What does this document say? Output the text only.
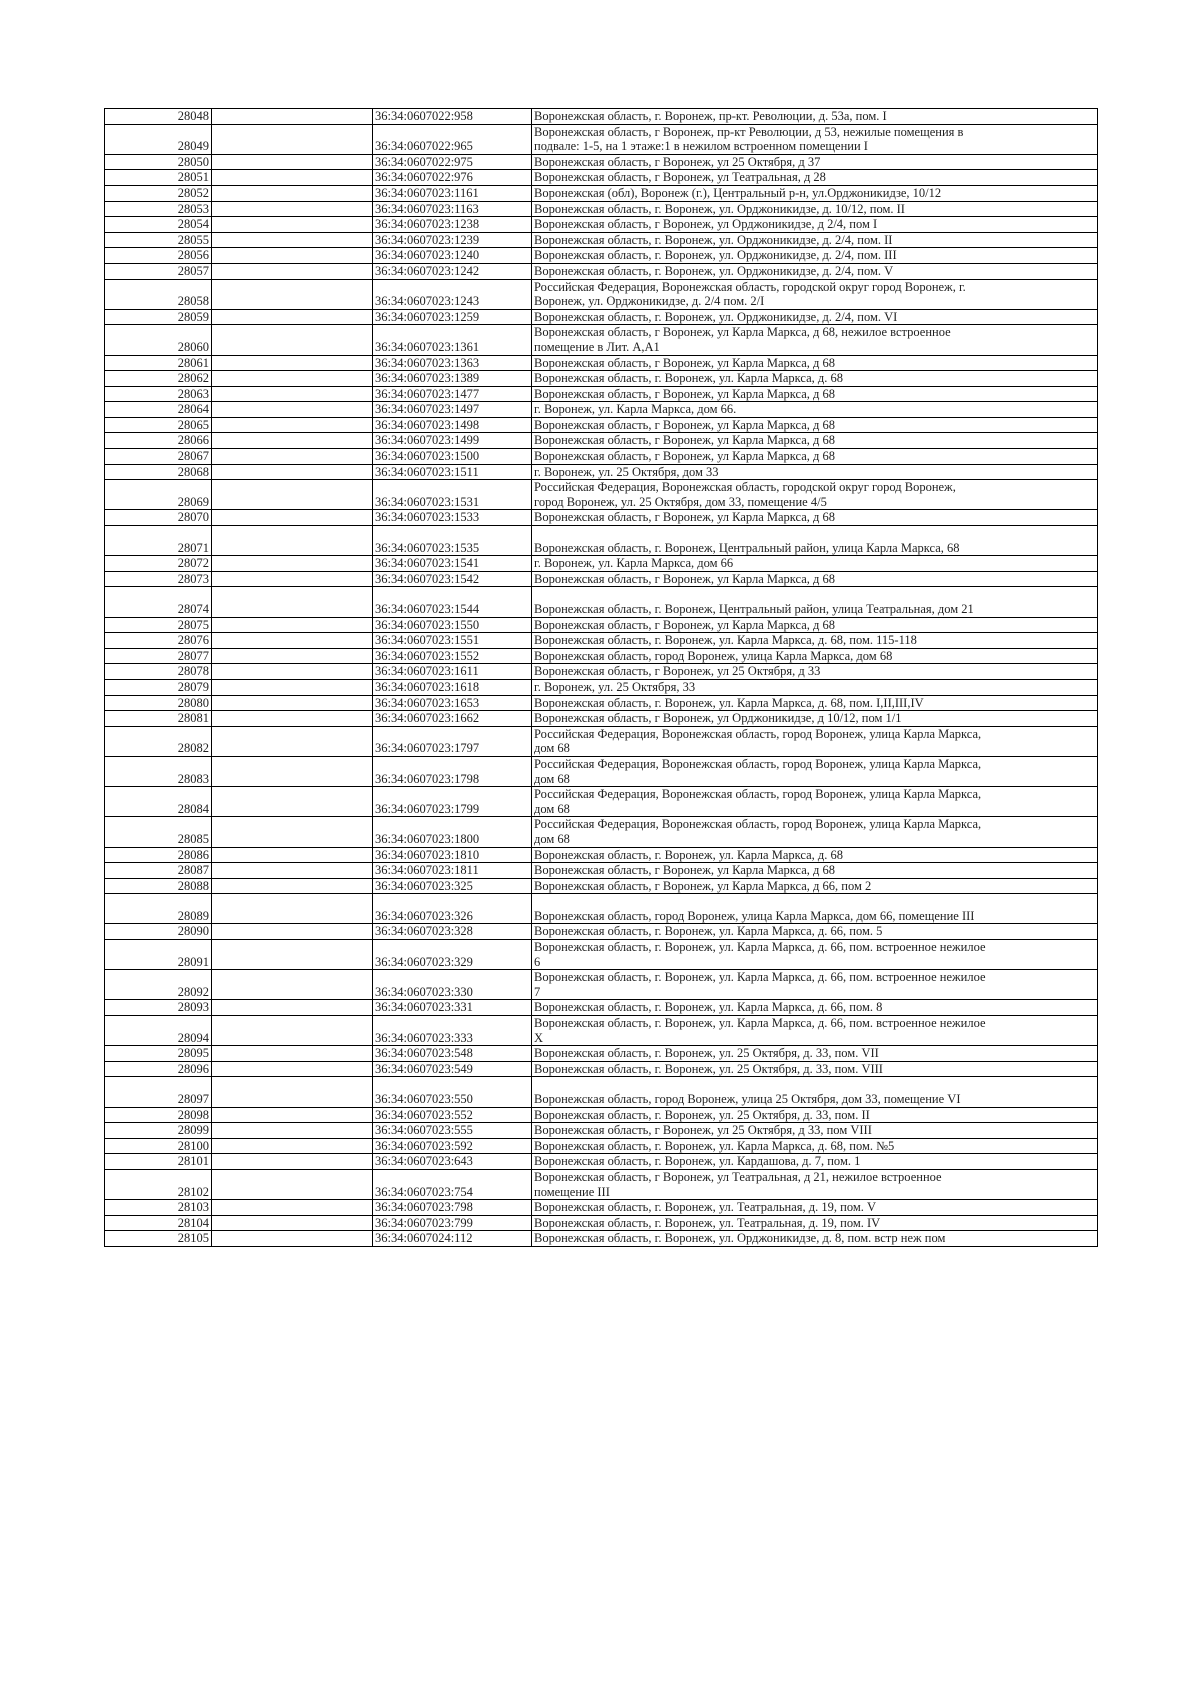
28048		36:34:0607022:958	Воронежская область, г. Воронеж, пр-кт. Революции, д. 53а, пом. I

28049		36:34:0607022:965	Воронежская область, г Воронеж, пр-кт Революции, д 53, нежилые помещения в
подвале: 1-5, на 1 этаже:1 в нежилом встроенном помещении I

28050		36:34:0607022:975	Воронежская область, г Воронеж, ул 25 Октября, д 37

28051		36:34:0607022:976	Воронежская область, г Воронеж, ул Театральная, д 28

28052		36:34:0607023:1161	Воронежская (обл), Воронеж (г.), Центральный р-н, ул.Орджоникидзе, 10/12

28053		36:34:0607023:1163	Воронежская область, г. Воронеж, ул. Орджоникидзе, д. 10/12, пом. II

28054		36:34:0607023:1238	Воронежская область, г Воронеж, ул Орджоникидзе, д 2/4, пом I

28055		36:34:0607023:1239	Воронежская область, г. Воронеж, ул. Орджоникидзе, д. 2/4, пом. II

28056		36:34:0607023:1240	Воронежская область, г. Воронеж, ул. Орджоникидзе, д. 2/4, пом. III

28057		36:34:0607023:1242	Воронежская область, г. Воронеж, ул. Орджоникидзе, д. 2/4, пом. V

28058		36:34:0607023:1243	Российская Федерация, Воронежская область, городской округ город Воронеж, г.
Воронеж, ул. Орджоникидзе, д. 2/4 пом. 2/I

28059		36:34:0607023:1259	Воронежская область, г. Воронеж, ул. Орджоникидзе, д. 2/4, пом. VI

28060		36:34:0607023:1361	Воронежская область, г Воронеж, ул Карла Маркса, д 68, нежилое встроенное
помещение в Лит. А,А1

28061		36:34:0607023:1363	Воронежская область, г Воронеж, ул Карла Маркса, д 68

28062		36:34:0607023:1389	Воронежская область, г. Воронеж, ул. Карла Маркса, д. 68

28063		36:34:0607023:1477	Воронежская область, г Воронеж, ул Карла Маркса, д 68

28064		36:34:0607023:1497	г. Воронеж, ул. Карла Маркса, дом 66.

28065		36:34:0607023:1498	Воронежская область, г Воронеж, ул Карла Маркса, д 68

28066		36:34:0607023:1499	Воронежская область, г Воронеж, ул Карла Маркса, д 68

28067		36:34:0607023:1500	Воронежская область, г Воронеж, ул Карла Маркса, д 68

28068		36:34:0607023:1511	г. Воронеж, ул. 25 Октября, дом 33

28069		36:34:0607023:1531	Российская Федерация, Воронежская область, городской округ город Воронеж,
город Воронеж, ул. 25 Октября, дом 33, помещение 4/5

28070		36:34:0607023:1533	Воронежская область, г Воронеж, ул Карла Маркса, д 68

28071		36:34:0607023:1535	Воронежская область, г. Воронеж, Центральный район, улица Карла Маркса, 68

28072		36:34:0607023:1541	г. Воронеж, ул. Карла Маркса, дом 66

28073		36:34:0607023:1542	Воронежская область, г Воронеж, ул Карла Маркса, д 68

28074		36:34:0607023:1544	Воронежская область, г. Воронеж, Центральный район, улица Театральная, дом 21

28075		36:34:0607023:1550	Воронежская область, г Воронеж, ул Карла Маркса, д 68

28076		36:34:0607023:1551	Воронежская область, г. Воронеж, ул. Карла Маркса, д. 68, пом. 115-118

28077		36:34:0607023:1552	Воронежская область, город Воронеж, улица Карла Маркса, дом 68

28078		36:34:0607023:1611	Воронежская область, г Воронеж, ул 25 Октября, д 33

28079		36:34:0607023:1618	г. Воронеж, ул. 25 Октября, 33

28080		36:34:0607023:1653	Воронежская область, г. Воронеж, ул. Карла Маркса, д. 68, пом. I,II,III,IV

28081		36:34:0607023:1662	Воронежская область, г Воронеж, ул Орджоникидзе, д 10/12, пом 1/1

28082		36:34:0607023:1797	Российская Федерация, Воронежская область, город Воронеж, улица Карла Маркса,
дом 68

28083		36:34:0607023:1798	Российская Федерация, Воронежская область, город Воронеж, улица Карла Маркса,
дом 68

28084		36:34:0607023:1799	Российская Федерация, Воронежская область, город Воронеж, улица Карла Маркса,
дом 68

28085		36:34:0607023:1800	Российская Федерация, Воронежская область, город Воронеж, улица Карла Маркса,
дом 68

28086		36:34:0607023:1810	Воронежская область, г. Воронеж, ул. Карла Маркса, д. 68

28087		36:34:0607023:1811	Воронежская область, г Воронеж, ул Карла Маркса, д 68

28088		36:34:0607023:325	Воронежская область, г Воронеж, ул Карла Маркса, д 66, пом 2

28089		36:34:0607023:326	Воронежская область, город Воронеж, улица Карла Маркса, дом 66, помещение III

28090		36:34:0607023:328	Воронежская область, г. Воронеж, ул. Карла Маркса, д. 66, пом. 5

28091		36:34:0607023:329	Воронежская область, г. Воронеж, ул. Карла Маркса, д. 66, пом. встроенное нежилое
6

28092		36:34:0607023:330	Воронежская область, г. Воронеж, ул. Карла Маркса, д. 66, пом. встроенное нежилое
7

28093		36:34:0607023:331	Воронежская область, г. Воронеж, ул. Карла Маркса, д. 66, пом. 8

28094		36:34:0607023:333	Воронежская область, г. Воронеж, ул. Карла Маркса, д. 66, пом. встроенное нежилое
X

28095		36:34:0607023:548	Воронежская область, г. Воронеж, ул. 25 Октября, д. 33, пом. VII

28096		36:34:0607023:549	Воронежская область, г. Воронеж, ул. 25 Октября, д. 33, пом. VIII

28097		36:34:0607023:550	Воронежская область, город Воронеж, улица 25 Октября, дом 33, помещение VI

28098		36:34:0607023:552	Воронежская область, г. Воронеж, ул. 25 Октября, д. 33, пом. II

28099		36:34:0607023:555	Воронежская область, г Воронеж, ул 25 Октября, д 33, пом VIII

28100		36:34:0607023:592	Воронежская область, г. Воронеж, ул. Карла Маркса, д. 68, пом. №5

28101		36:34:0607023:643	Воронежская область, г. Воронеж, ул. Кардашова, д. 7, пом. 1

28102		36:34:0607023:754	Воронежская область, г Воронеж, ул Театральная, д 21, нежилое встроенное
помещение III

28103		36:34:0607023:798	Воронежская область, г. Воронеж, ул. Театральная, д. 19, пом. V

28104		36:34:0607023:799	Воронежская область, г. Воронеж, ул. Театральная, д. 19, пом. IV

28105		36:34:0607024:112	Воронежская область, г. Воронеж, ул. Орджоникидзе, д. 8, пом. встр неж пом
